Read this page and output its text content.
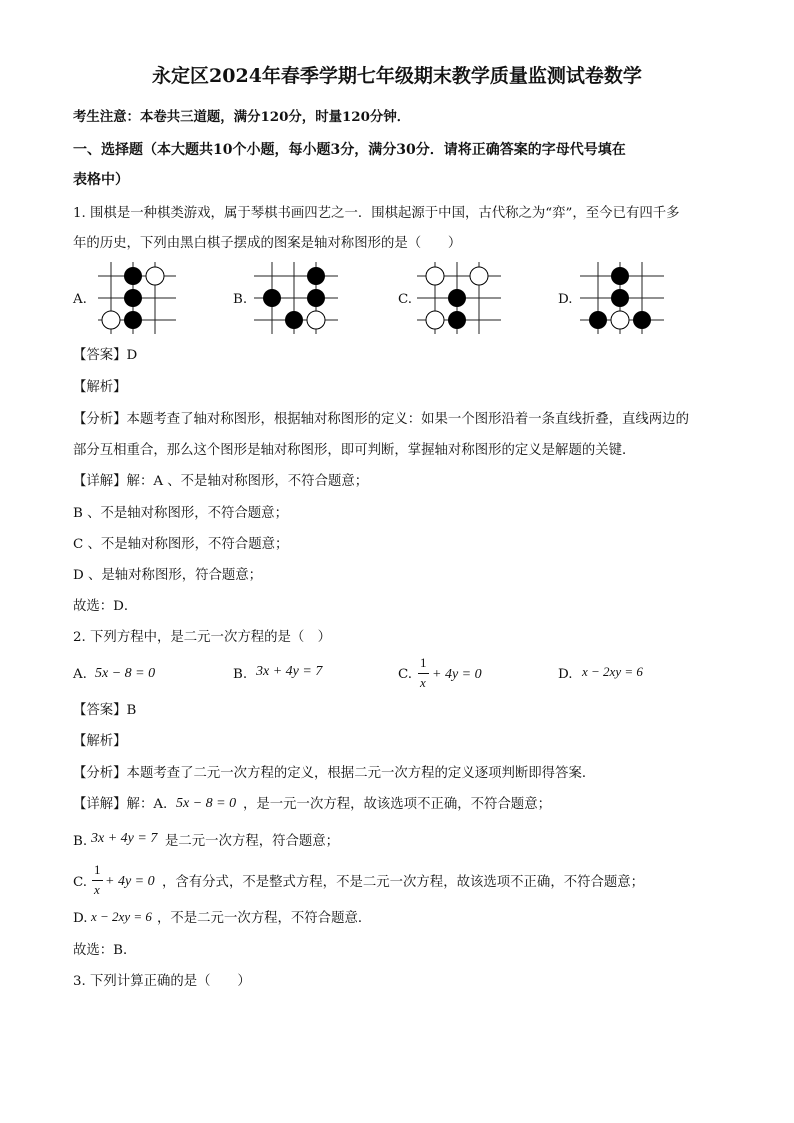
永定区2024年春季学期七年级期末教学质量监测试卷数学
考生注意：本卷共三道题，满分120分，时量120分钟．
一、选择题（本大题共10个小题，每小题3分，满分30分．请将正确答案的字母代号填在
表格中）
1. 围棋是一种棋类游戏，属于琴棋书画四艺之一．围棋起源于中国，古代称之为“弈”，至今已有四千多
年的历史，下列由黑白棋子摆成的图案是轴对称图形的是（　　）
A.	B.	C.	D.
【答案】D
【解析】
【分析】本题考查了轴对称图形，根据轴对称图形的定义：如果一个图形沿着一条直线折叠，直线两边的
部分互相重合，那么这个图形是轴对称图形，即可判断，掌握轴对称图形的定义是解题的关键．
【详解】解：A 、不是轴对称图形，不符合题意；
B 、不是轴对称图形，不符合题意；
C 、不是轴对称图形，不符合题意；
D 、是轴对称图形，符合题意；
故选：D．
2. 下列方程中，是二元一次方程的是（　）
A. 5x − 8 = 0	B. 3x + 4y = 7	C.
1
x
+ 4y = 0	D. x − 2xy = 6
【答案】B
【解析】
【分析】本题考查了二元一次方程的定义，根据二元一次方程的定义逐项判断即得答案．
【详解】解：A. 5x − 8 = 0 ，是一元一次方程，故该选项不正确，不符合题意；
B. 3x + 4y = 7 是二元一次方程，符合题意；
C.
1
x
+ 4y = 0 ，含有分式，不是整式方程，不是二元一次方程，故该选项不正确，不符合题意；
D. x − 2xy = 6 ，不是二元一次方程，不符合题意．
故选：B．
3. 下列计算正确的是（　　）
